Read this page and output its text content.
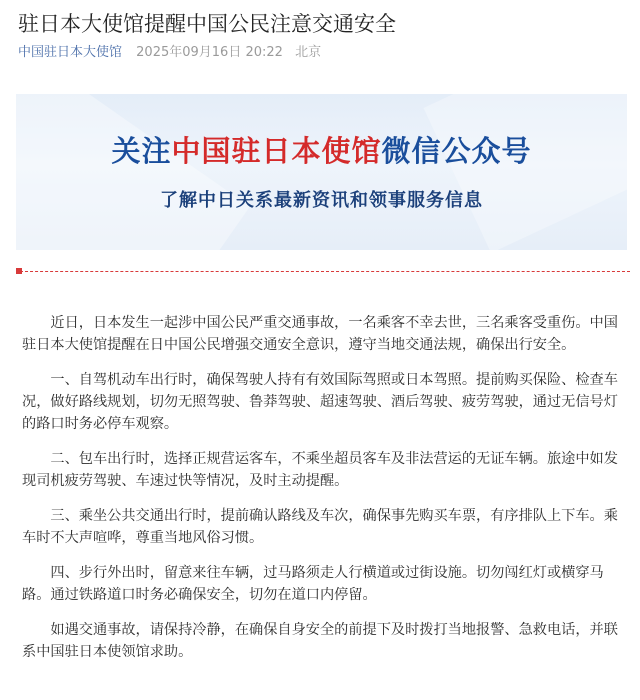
驻日本大使馆提醒中国公民注意交通安全
中国驻日本大使馆 2025年09月16日 20:22 北京
关注中国驻日本使馆微信公众号
了解中日关系最新资讯和领事服务信息

近日，日本发生一起涉中国公民严重交通事故，一名乘客不幸去世，三名乘客受重伤。中国驻日本大使馆提醒在日中国公民增强交通安全意识，遵守当地交通法规，确保出行安全。

一、自驾机动车出行时，确保驾驶人持有有效国际驾照或日本驾照。提前购买保险、检查车况，做好路线规划，切勿无照驾驶、鲁莽驾驶、超速驾驶、酒后驾驶、疲劳驾驶，通过无信号灯的路口时务必停车观察。

二、包车出行时，选择正规营运客车，不乘坐超员客车及非法营运的无证车辆。旅途中如发现司机疲劳驾驶、车速过快等情况，及时主动提醒。

三、乘坐公共交通出行时，提前确认路线及车次，确保事先购买车票，有序排队上下车。乘车时不大声喧哗，尊重当地风俗习惯。

四、步行外出时，留意来往车辆，过马路须走人行横道或过街设施。切勿闯红灯或横穿马路。通过铁路道口时务必确保安全，切勿在道口内停留。

如遇交通事故，请保持冷静，在确保自身安全的前提下及时拨打当地报警、急救电话，并联系中国驻日本使领馆求助。
